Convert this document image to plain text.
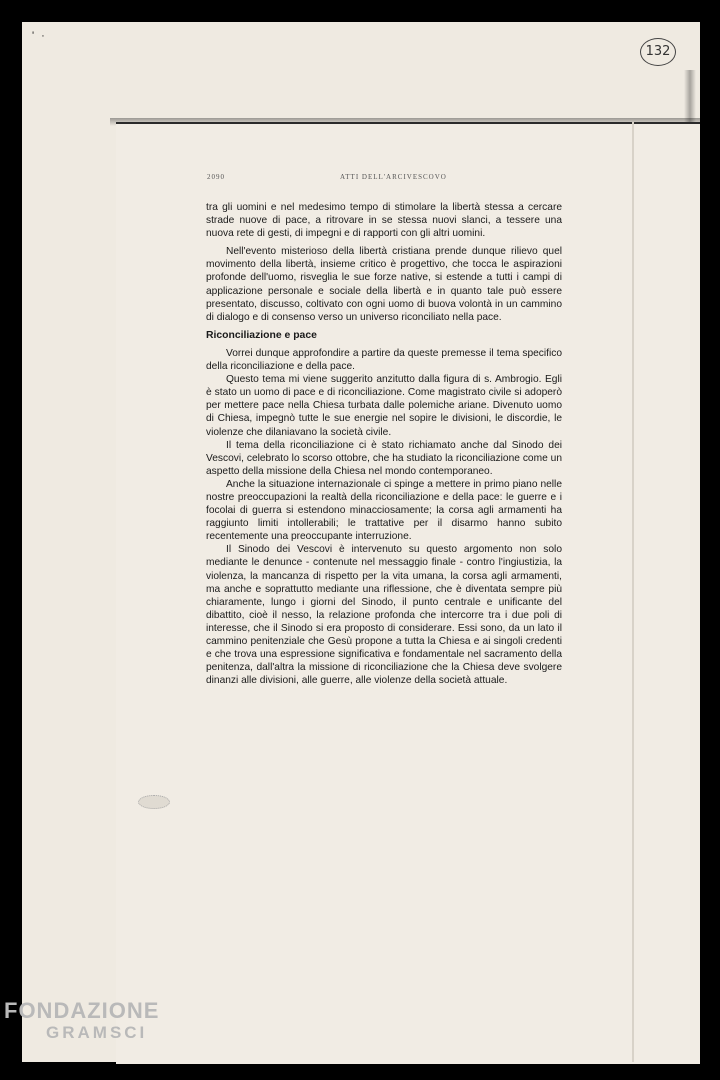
' ·
132
2090	ATTI DELL'ARCIVESCOVO

tra gli uomini e nel medesimo tempo di stimolare la libertà stessa a cercare strade nuove di pace, a ritrovare in se stessa nuovi slanci, a tessere una nuova rete di gesti, di impegni e di rapporti con gli altri uomini.

Nell'evento misterioso della libertà cristiana prende dunque rilievo quel movimento della libertà, insieme critico è progettivo, che tocca le aspirazioni profonde dell'uomo, risveglia le sue forze native, si estende a tutti i campi di applicazione personale e sociale della libertà e in quanto tale può essere presentato, discusso, coltivato con ogni uomo di buova volontà in un cammino di dialogo e di consenso verso un universo riconciliato nella pace.

Riconciliazione e pace

Vorrei dunque approfondire a partire da queste premesse il tema specifico della riconciliazione e della pace.

Questo tema mi viene suggerito anzitutto dalla figura di s. Ambrogio. Egli è stato un uomo di pace e di riconciliazione. Come magistrato civile si adoperò per mettere pace nella Chiesa turbata dalle polemiche ariane. Divenuto uomo di Chiesa, impegnò tutte le sue energie nel sopire le divisioni, le discordie, le violenze che dilaniavano la società civile.

Il tema della riconciliazione ci è stato richiamato anche dal Sinodo dei Vescovi, celebrato lo scorso ottobre, che ha studiato la riconciliazione come un aspetto della missione della Chiesa nel mondo contemporaneo.

Anche la situazione internazionale ci spinge a mettere in primo piano nelle nostre preoccupazioni la realtà della riconciliazione e della pace: le guerre e i focolai di guerra si estendono minacciosamente; la corsa agli armamenti ha raggiunto limiti intollerabili; le trattative per il disarmo hanno subito recentemente una preoccupante interruzione.

Il Sinodo dei Vescovi è intervenuto su questo argomento non solo mediante le denunce - contenute nel messaggio finale - contro l'ingiustizia, la violenza, la mancanza di rispetto per la vita umana, la corsa agli armamenti, ma anche e soprattutto mediante una riflessione, che è diventata sempre più chiaramente, lungo i giorni del Sinodo, il punto centrale e unificante del dibattito, cioè il nesso, la relazione profonda che intercorre tra i due poli di interesse, che il Sinodo si era proposto di considerare. Essi sono, da un lato il cammino penitenziale che Gesù propone a tutta la Chiesa e ai singoli credenti e che trova una espressione significativa e fondamentale nel sacramento della penitenza, dall'altra la missione di riconciliazione che la Chiesa deve svolgere dinanzi alle divisioni, alle guerre, alle violenze della società attuale.

FONDAZIONE
GRAMSCI
